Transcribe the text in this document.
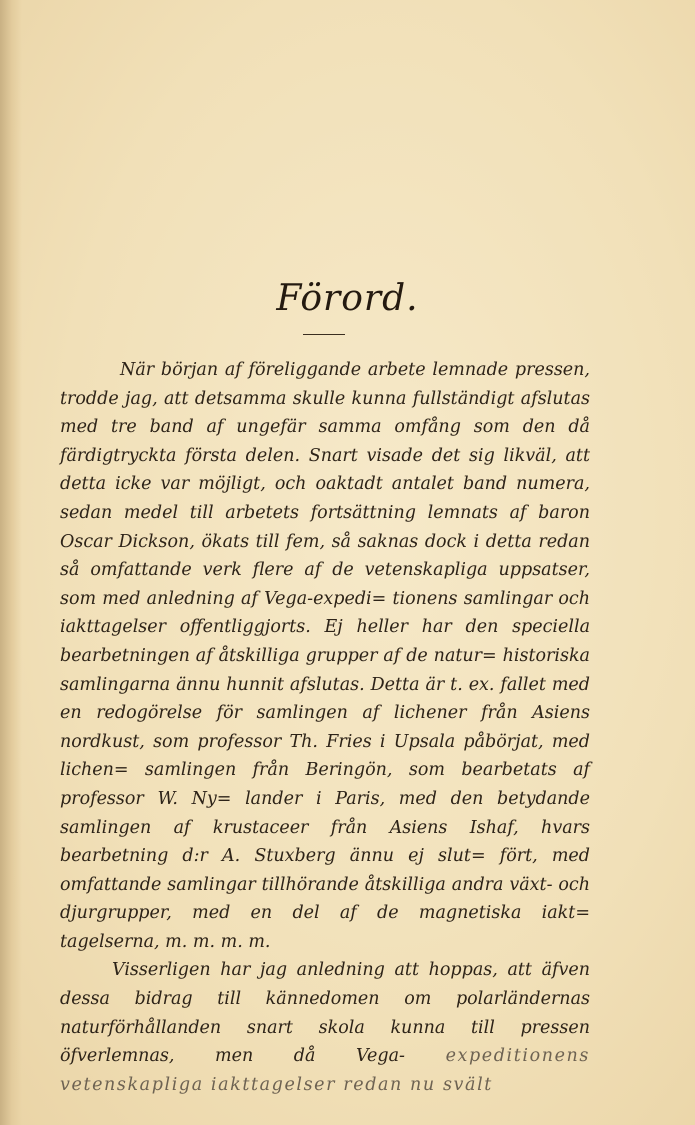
Förord.

När början af föreliggande arbete lemnade pressen, trodde jag, att detsamma skulle kunna fullständigt afslutas med tre band af ungefär samma omfång som den då färdigtryckta första delen. Snart visade det sig likväl, att detta icke var möjligt, och oaktadt antalet band numera, sedan medel till arbetets fortsättning lemnats af baron Oscar Dickson, ökats till fem, så saknas dock i detta redan så omfattande verk flere af de vetenskapliga uppsatser, som med anledning af Vega-expedi= tionens samlingar och iakttagelser offentliggjorts. Ej heller har den speciella bearbetningen af åtskilliga grupper af de natur= historiska samlingarna ännu hunnit afslutas. Detta är t. ex. fallet med en redogörelse för samlingen af lichener från Asiens nordkust, som professor Th. Fries i Upsala påbörjat, med lichen= samlingen från Beringön, som bearbetats af professor W. Ny= lander i Paris, med den betydande samlingen af krustaceer från Asiens Ishaf, hvars bearbetning d:r A. Stuxberg ännu ej slut= fört, med omfattande samlingar tillhörande åtskilliga andra växt- och djurgrupper, med en del af de magnetiska iakt= tagelserna, m. m. m. m.

Visserligen har jag anledning att hoppas, att äfven dessa bidrag till kännedomen om polarländernas naturförhållanden snart skola kunna till pressen öfverlemnas, men då Vega- expeditionens vetenskapliga iakttagelser redan nu svält
